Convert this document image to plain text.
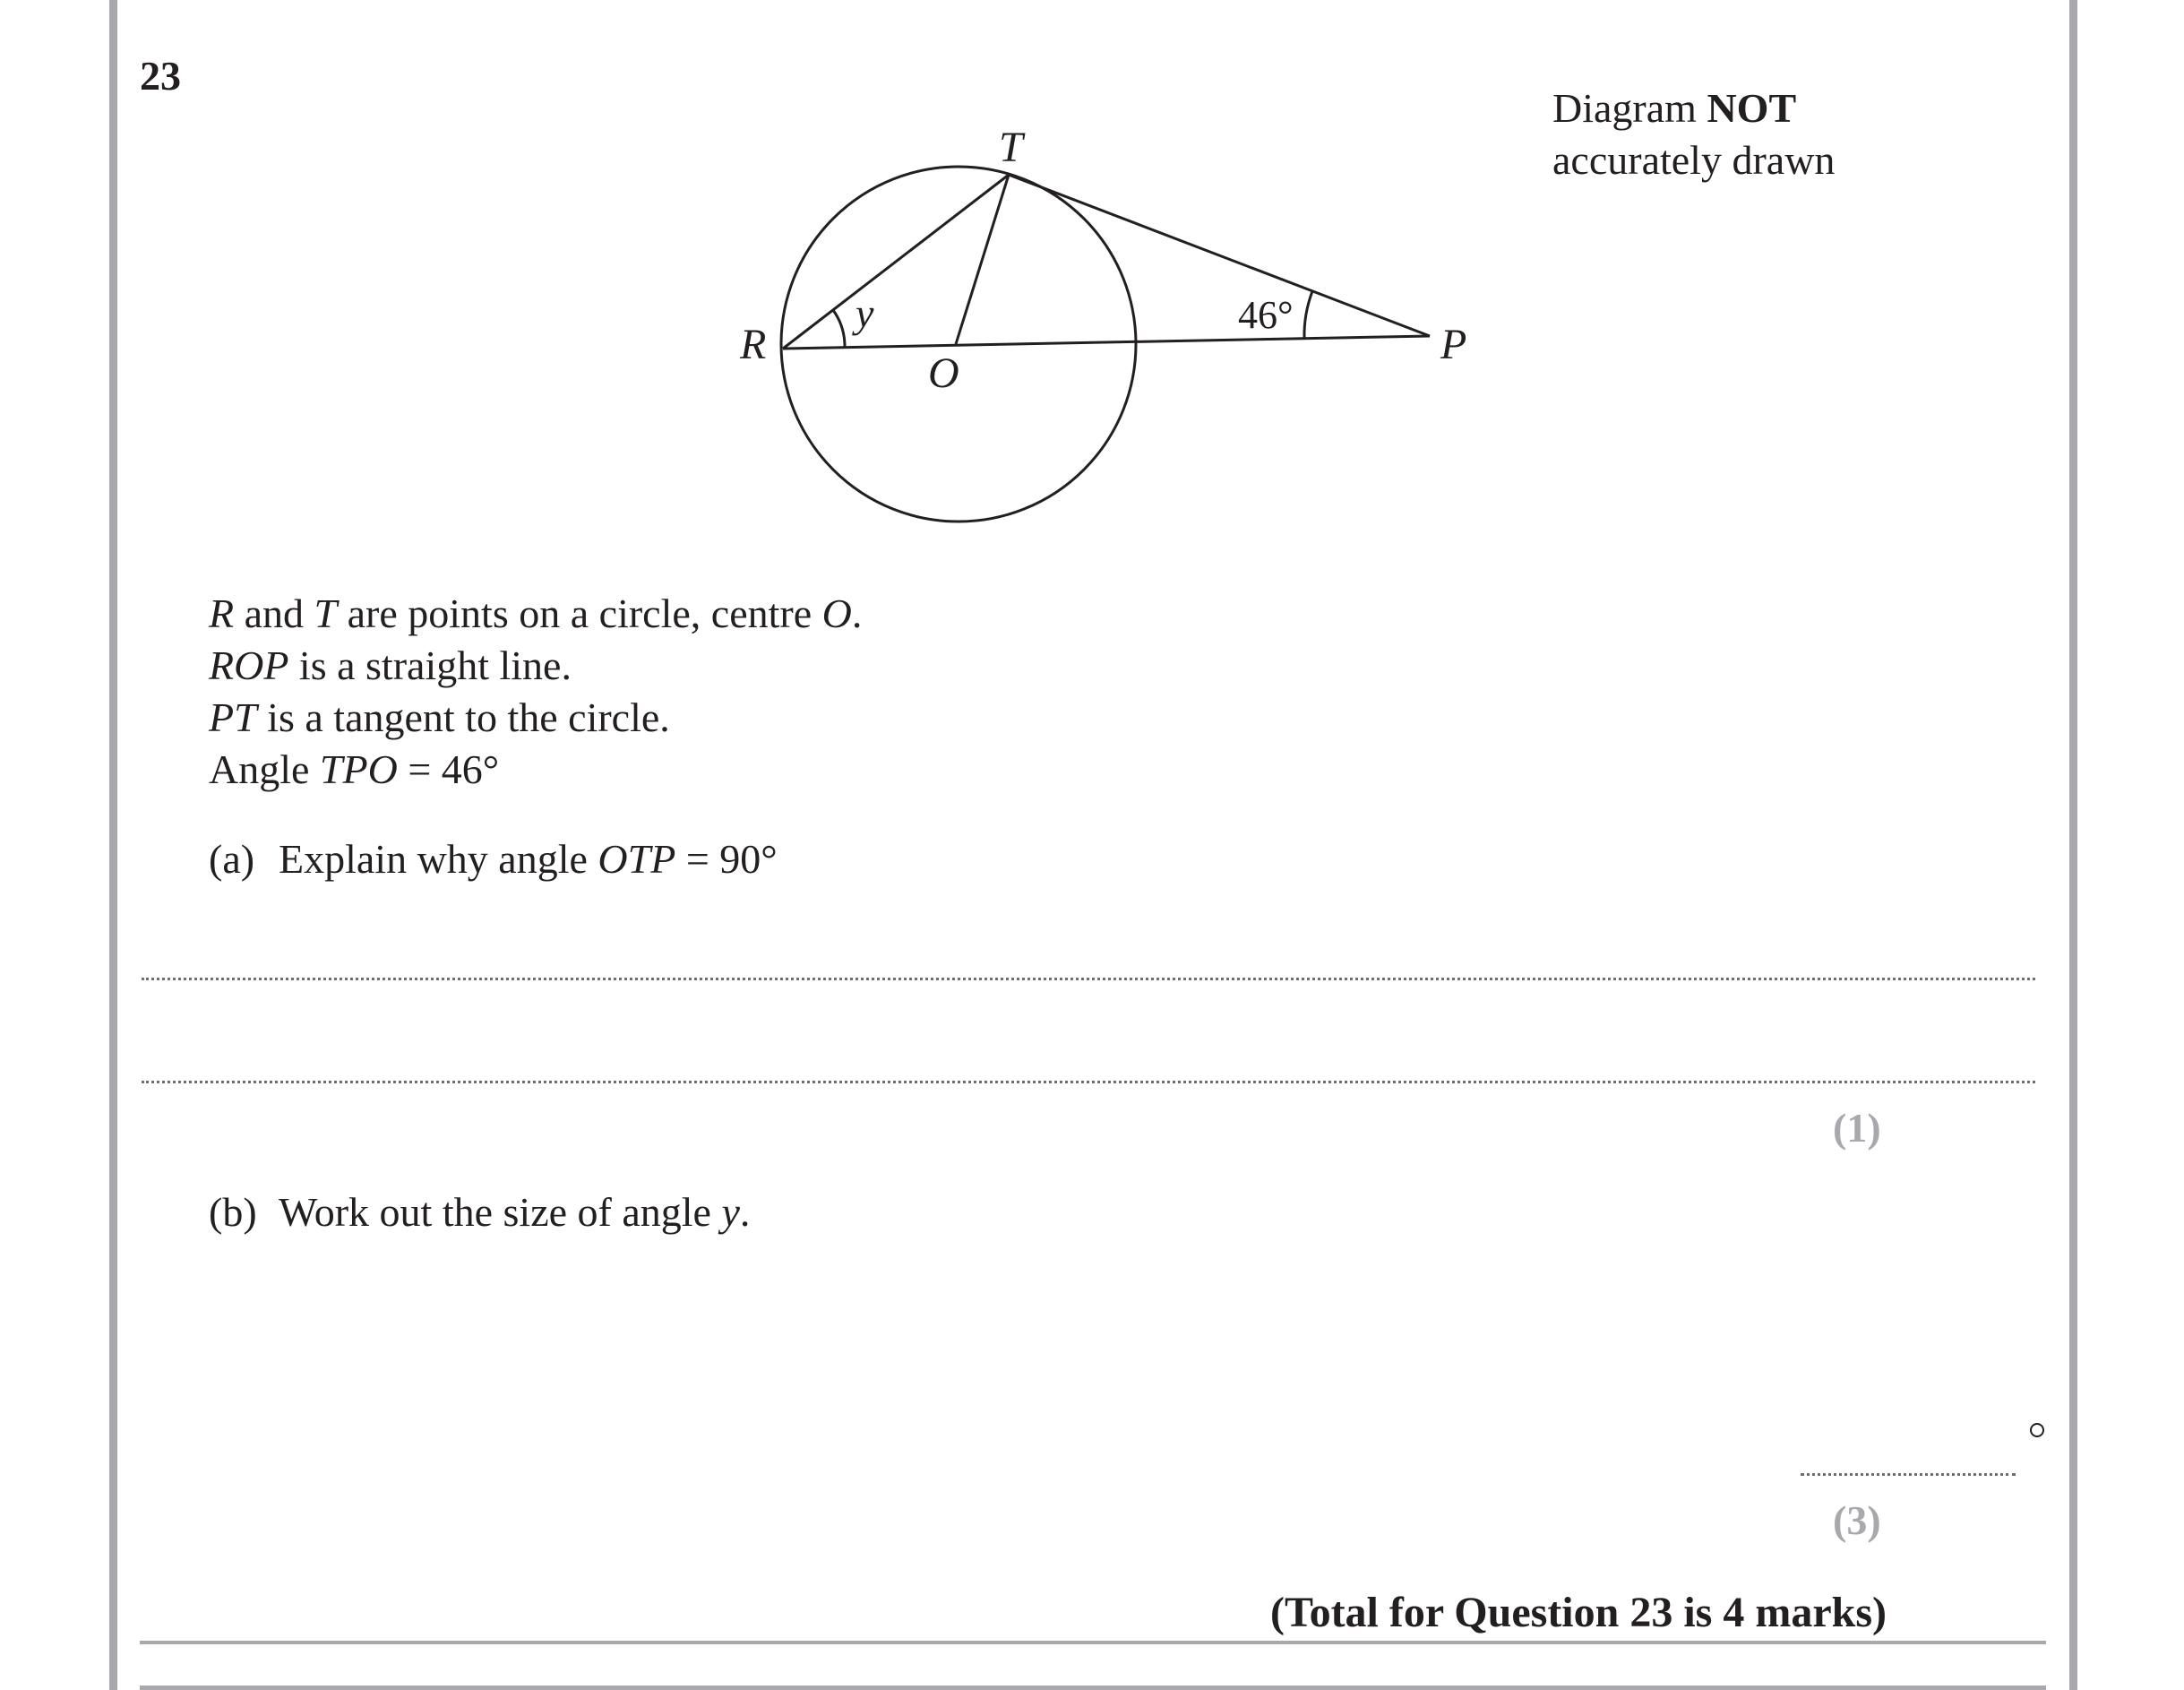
23
Diagram NOT
accurately drawn
T
R
O
P
y	46°
R and T are points on a circle, centre O.
ROP is a straight line.
PT is a tangent to the circle.
Angle TPO = 46°
(a) Explain why angle OTP = 90°
(1)
(b) Work out the size of angle y.
(3)
(Total for Question 23 is 4 marks)
